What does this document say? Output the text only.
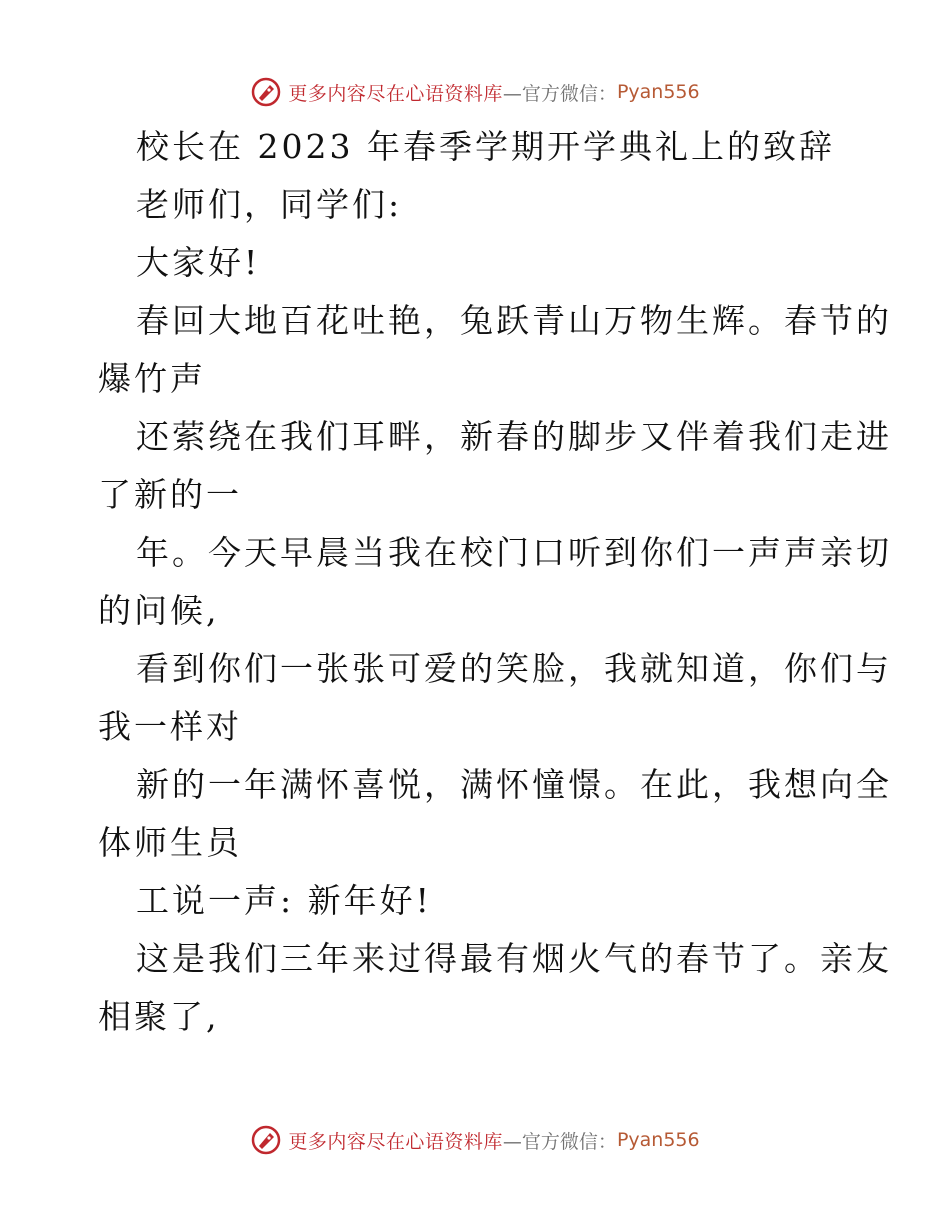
更多内容尽在心语资料库 —官方微信： Pyan556
校长在 2023 年春季学期开学典礼上的致辞
老师们，同学们:
大家好!
春回大地百花吐艳，兔跃青山万物生辉。春节的
爆竹声
还萦绕在我们耳畔，新春的脚步又伴着我们走进
了新的一
年。今天早晨当我在校门口听到你们一声声亲切
的问候,
看到你们一张张可爱的笑脸，我就知道，你们与
我一样对
新的一年满怀喜悦，满怀憧憬。在此，我想向全
体师生员
工说一声: 新年好!
这是我们三年来过得最有烟火气的春节了。亲友
相聚了,
更多内容尽在心语资料库 —官方微信： Pyan556
